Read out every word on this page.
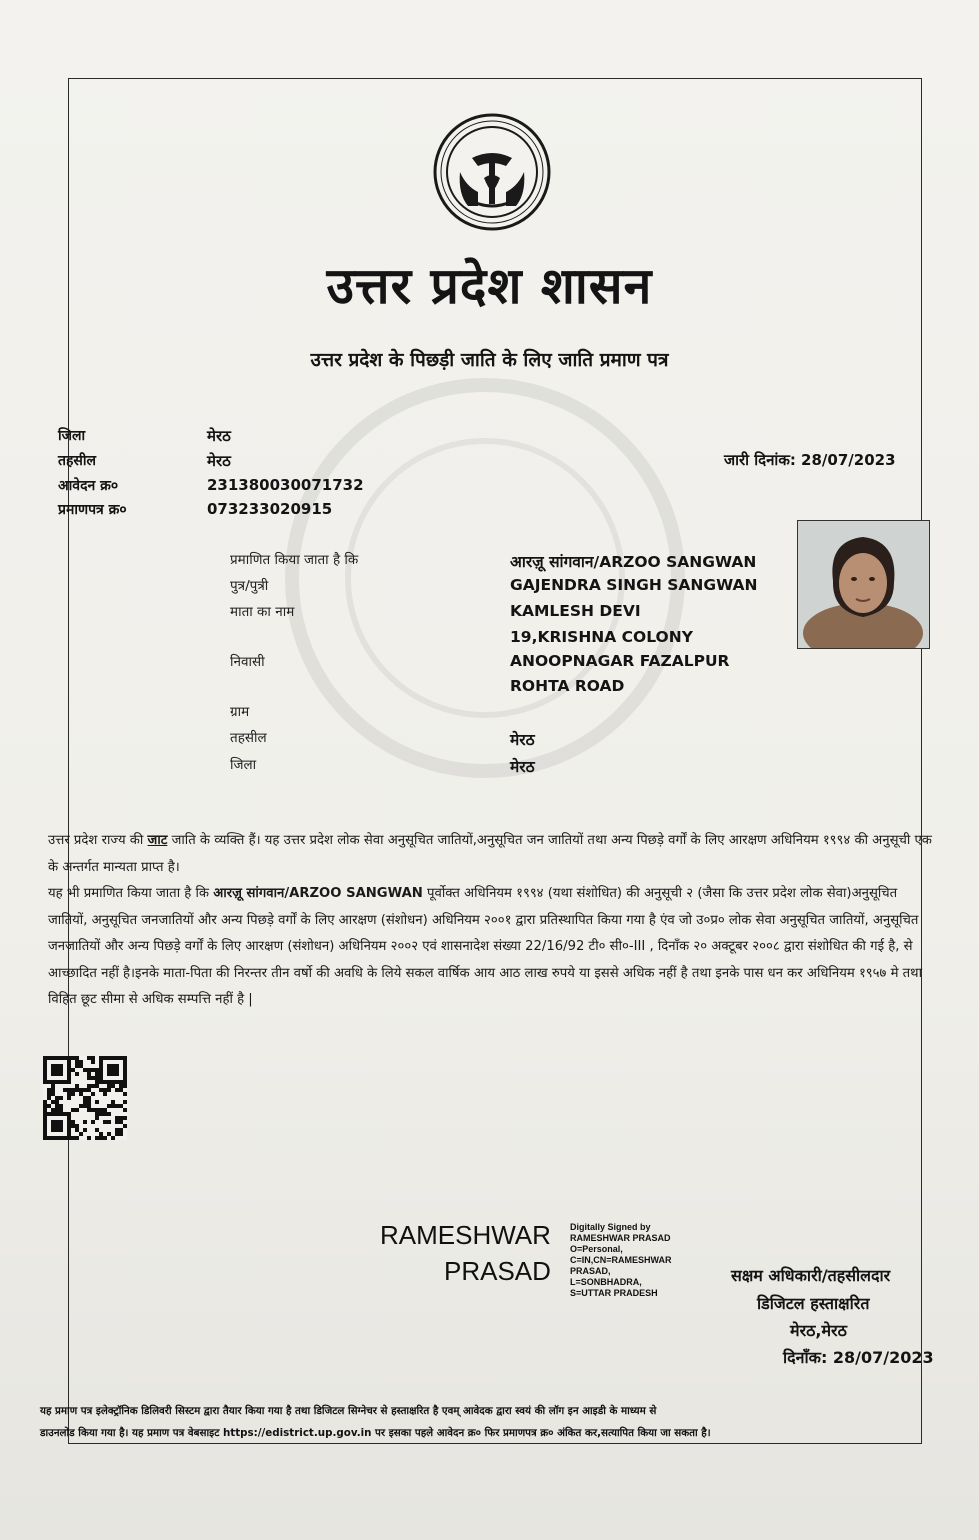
उत्तर प्रदेश शासन
उत्तर प्रदेश के पिछड़ी जाति के लिए जाति प्रमाण पत्र
जिला	मेरठ
तहसील	मेरठ
आवेदन क्र०	231380030071732
प्रमाणपत्र क्र०	07323302091​5
जारी दिनांक: 28/07/2023
प्रमाणित किया जाता है कि	आरज़ू सांगवान/ARZOO SANGWAN
पुत्र/पुत्री	GAJENDRA SINGH SANGWAN
माता का नाम	KAMLESH DEVI
19,KRISHNA COLONY
निवासी	ANOOPNAGAR FAZALPUR
ROHTA ROAD
ग्राम
तहसील	मेरठ
जिला	मेरठ
उत्तर प्रदेश राज्य की जाट जाति के व्यक्ति हैं। यह उत्तर प्रदेश लोक सेवा अनुसूचित जातियों,अनुसूचित जन जातियों तथा अन्य पिछड़े वर्गों के लिए आरक्षण अधिनियम १९९४ की अनुसूची एक के अन्तर्गत मान्यता प्राप्त है।
यह भी प्रमाणित किया जाता है कि आरज़ू सांगवान/ARZOO SANGWAN पूर्वोक्त अधिनियम १९९४ (यथा संशोधित) की अनुसूची २ (जैसा कि उत्तर प्रदेश लोक सेवा)अनुसूचित जातियों, अनुसूचित जनजातियों और अन्य पिछड़े वर्गों के लिए आरक्षण (संशोधन) अधिनियम २००१ द्वारा प्रतिस्थापित किया गया है एंव जो उ०प्र० लोक सेवा अनुसूचित जातियों, अनुसूचित जनजातियों और अन्य पिछड़े वर्गों के लिए आरक्षण (संशोधन) अधिनियम २००२ एवं शासनादेश संख्या 22/16/92 टी० सी०-III , दिनाँक २० अक्टूबर २००८ द्वारा संशोधित की गई है, से आच्छादित नहीं है।इनके माता-पिता की निरन्तर तीन वर्षो की अवधि के लिये सकल वार्षिक आय आठ लाख रुपये या इससे अधिक नहीं है तथा इनके पास धन कर अधिनियम १९५७ मे तथा विहित छूट सीमा से अधिक सम्पत्ति नहीं है |
RAMESHWAR
PRASAD
Digitally Signed by
RAMESHWAR PRASAD
O=Personal,
C=IN,CN=RAMESHWAR
PRASAD,
L=SONBHADRA,
S=UTTAR PRADESH
सक्षम अधिकारी/तहसीलदार
डिजिटल हस्ताक्षरित
मेरठ,मेरठ
दिनाँक: 28/07/2023
यह प्रमाण पत्र इलेक्ट्रॉनिक डिलिवरी सिस्टम द्वारा तैयार किया गया है तथा डिजिटल सिग्नेचर से हस्ताक्षरित है एवम् आवेदक द्वारा स्वयं की लॉग इन आइडी के माध्यम से
डाउनलोड किया गया है। यह प्रमाण पत्र वेबसाइट https://edistrict.up.gov.in पर इसका पहले आवेदन क्र० फिर प्रमाणपत्र क्र० अंकित कर,सत्यापित किया जा सकता है।
